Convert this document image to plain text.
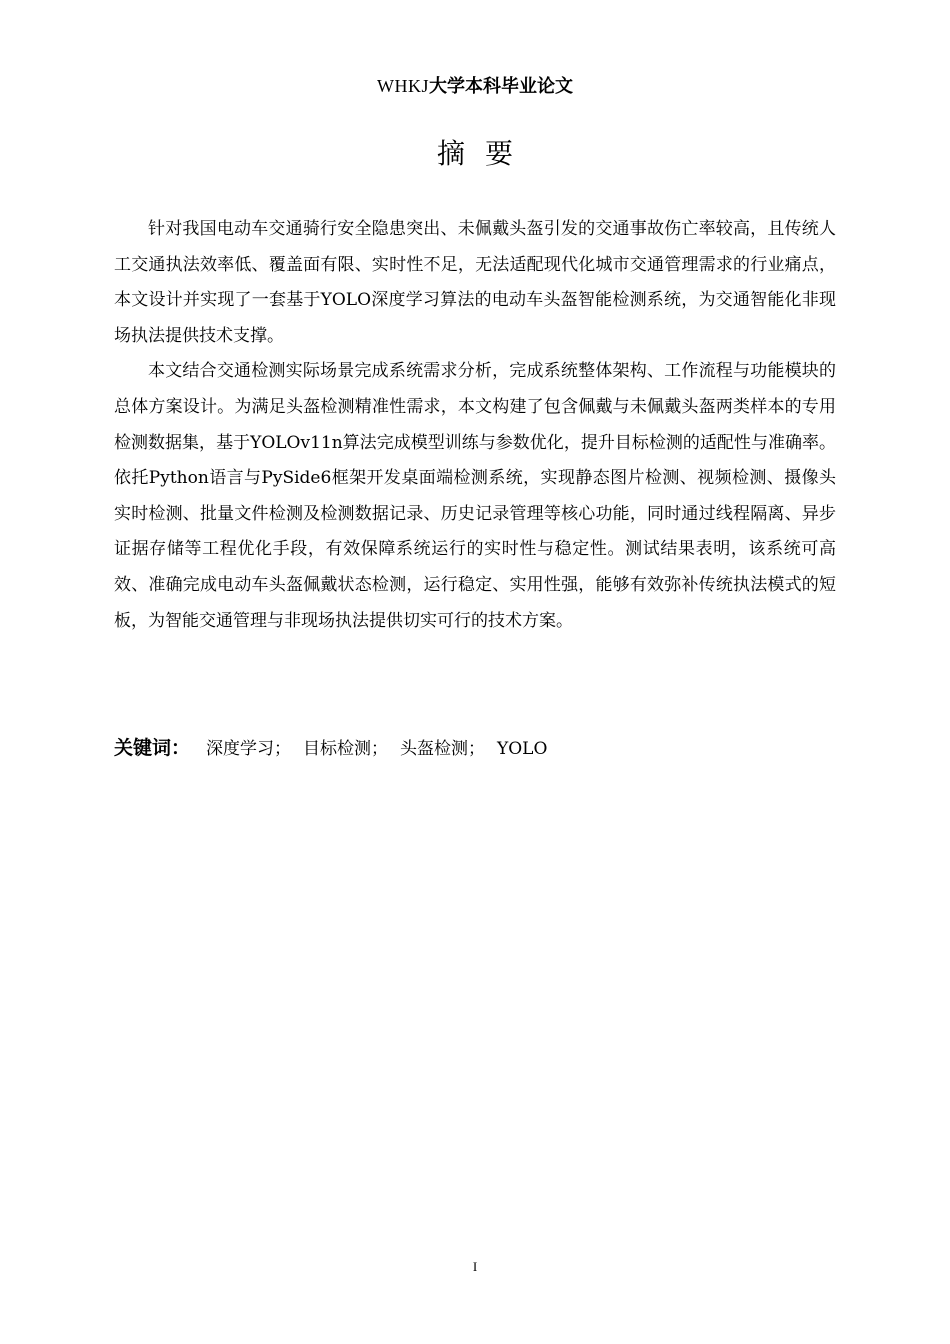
WHKJ大学本科毕业论文
摘要

针对我国电动车交通骑行安全隐患突出、未佩戴头盔引发的交通事故伤亡率较高，且传统人工交通执法效率低、覆盖面有限、实时性不足，无法适配现代化城市交通管理需求的行业痛点，本文设计并实现了一套基于YOLO深度学习算法的电动车头盔智能检测系统，为交通智能化非现场执法提供技术支撑。

本文结合交通检测实际场景完成系统需求分析，完成系统整体架构、工作流程与功能模块的总体方案设计。为满足头盔检测精准性需求，本文构建了包含佩戴与未佩戴头盔两类样本的专用检测数据集，基于YOLOv11n算法完成模型训练与参数优化，提升目标检测的适配性与准确率。依托Python语言与PySide6框架开发桌面端检测系统，实现静态图片检测、视频检测、摄像头实时检测、批量文件检测及检测数据记录、历史记录管理等核心功能，同时通过线程隔离、异步证据存储等工程优化手段，有效保障系统运行的实时性与稳定性。测试结果表明，该系统可高效、准确完成电动车头盔佩戴状态检测，运行稳定、实用性强，能够有效弥补传统执法模式的短板，为智能交通管理与非现场执法提供切实可行的技术方案。

关键词： 深度学习； 目标检测； 头盔检测； YOLO
I
